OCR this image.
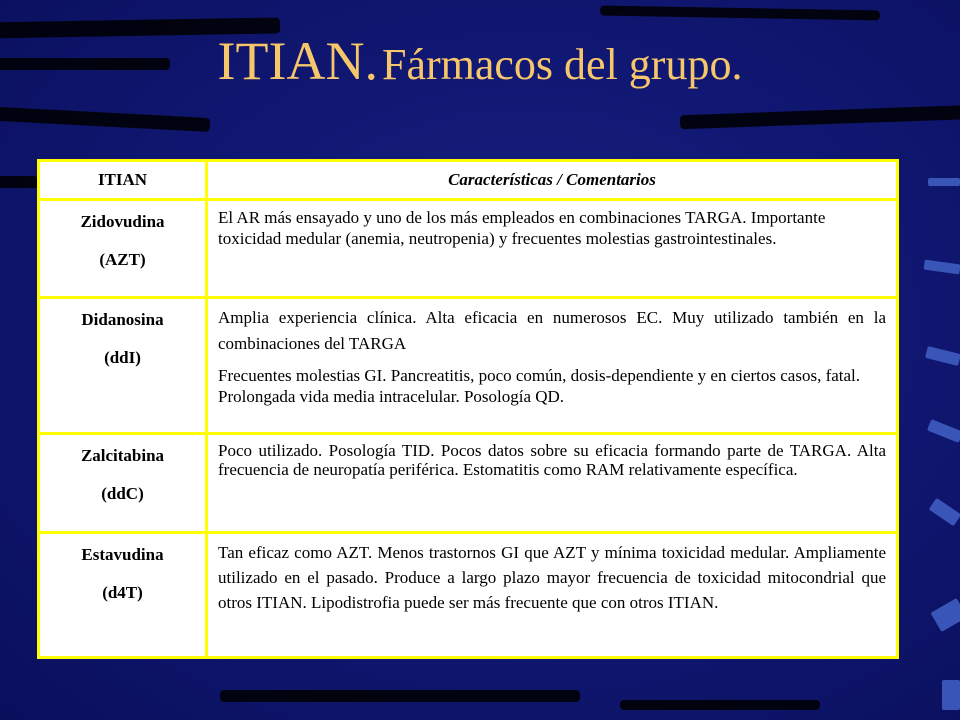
ITIAN. Fármacos del grupo.
ITIAN	Características / Comentarios
Zidovudina
(AZT)

El AR más ensayado y uno de los más empleados en combinaciones TARGA. Importante toxicidad medular (anemia, neutropenia) y frecuentes molestias gastrointestinales.

Didanosina
(ddI)

Amplia experiencia clínica. Alta eficacia en numerosos EC. Muy utilizado también en la combinaciones del TARGA

Frecuentes molestias GI. Pancreatitis, poco común, dosis-dependiente y en ciertos casos, fatal. Prolongada vida media intracelular. Posología QD.

Zalcitabina
(ddC)

Poco utilizado. Posología TID. Pocos datos sobre su eficacia formando parte de TARGA. Alta frecuencia de neuropatía periférica. Estomatitis como RAM relativamente específica.

Estavudina
(d4T)

Tan eficaz como AZT. Menos trastornos GI que AZT y mínima toxicidad medular. Ampliamente utilizado en el pasado. Produce a largo plazo mayor frecuencia de toxicidad mitocondrial que otros ITIAN. Lipodistrofia puede ser más frecuente que con otros ITIAN.
